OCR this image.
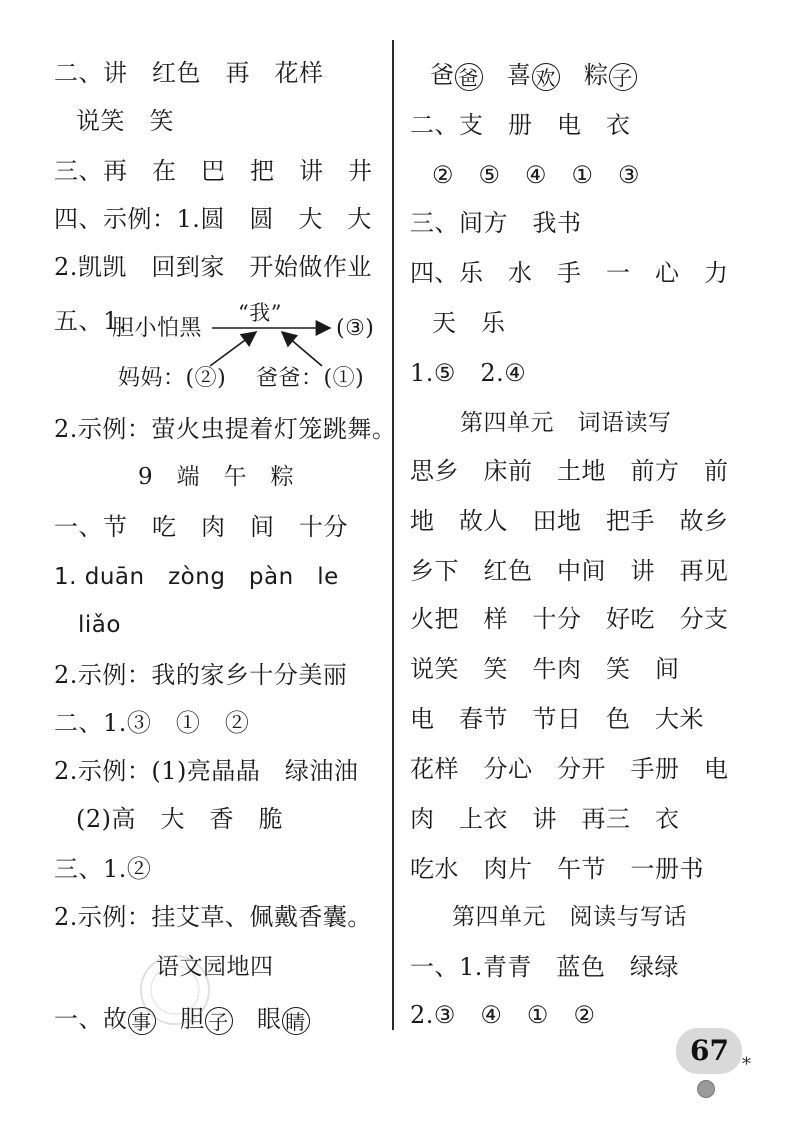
二、讲　红色　再　花样
说笑　笑
三、再　在　巴　把　讲　井
四、示例：1.圆　圆　大　大
2.凯凯　回到家　开始做作业
五、1.
胆小怕黑
“我”
(③)
妈妈：(②) 爸爸：(①)
2.示例：萤火虫提着灯笼跳舞。
9　端　午　粽
一、节　吃　肉　间　十分
1. duān　zòng　pàn　le
liǎo
2.示例：我的家乡十分美丽
二、1.③　①　②
2.示例：(1)亮晶晶　绿油油
(2)高　大　香　脆
三、1.②
2.示例：挂艾草、佩戴香囊。
语文园地四
一、故 事　胆 子　眼 睛
爸 爸　喜 欢　粽 子
二、支　册　电　衣
②　⑤　④　①　③
三、间方　我书
四、乐　水　手　一　心　力
天　乐
1.⑤　2.④
第四单元　词语读写
思乡　床前　土地　前方　前
地　故人　田地　把手　故乡
乡下　红色　中间　讲　再见
火把　样　十分　好吃　分支
说笑　笑　牛肉　笑　间
电　春节　节日　色　大米
花样　分心　分开　手册　电
肉　上衣　讲　再三　衣
吃水　肉片　午节　一册书
第四单元　阅读与写话
一、1.青青　蓝色　绿绿
2.③　④　①　②
67 *
